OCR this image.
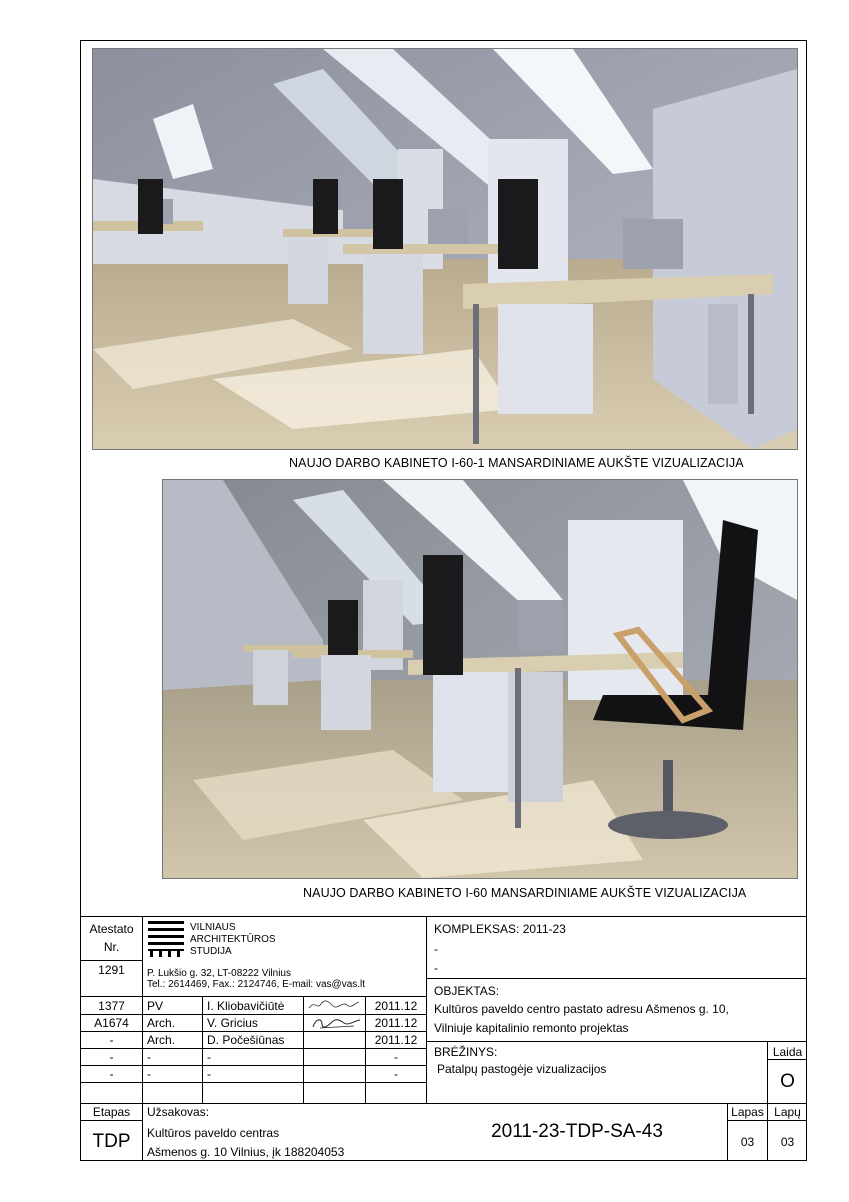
NAUJO DARBO KABINETO I-60-1 MANSARDINIAME AUKŠTE VIZUALIZACIJA
NAUJO DARBO KABINETO I-60 MANSARDINIAME AUKŠTE VIZUALIZACIJA
Atestato
Nr.
1291
VILNIAUS
ARCHITEKTŪROS
STUDIJA
P. Lukšio g. 32, LT-08222 Vilnius
Tel.: 2614469, Fax.: 2124746, E-mail: vas@vas.lt
KOMPLEKSAS: 2011-23
-
-
OBJEKTAS:
Kultūros paveldo centro pastato adresu Ašmenos g. 10,
Vilniuje kapitalinio remonto projektas
BRĖŽINYS:
Patalpų pastogėje vizualizacijos
Laida
O
1377	PV	I. Kliobavičiūtė	2011.12
A1674	Arch.	V. Gricius	2011.12
-	Arch.	D. Počešiūnas	2011.12
-	-	-	-
-	-	-	-
Etapas
TDP
Užsakovas:
Kultūros paveldo centras
Ašmenos g. 10 Vilnius, įk 188204053
2011-23-TDP-SA-43
Lapas Lapų
03	03
